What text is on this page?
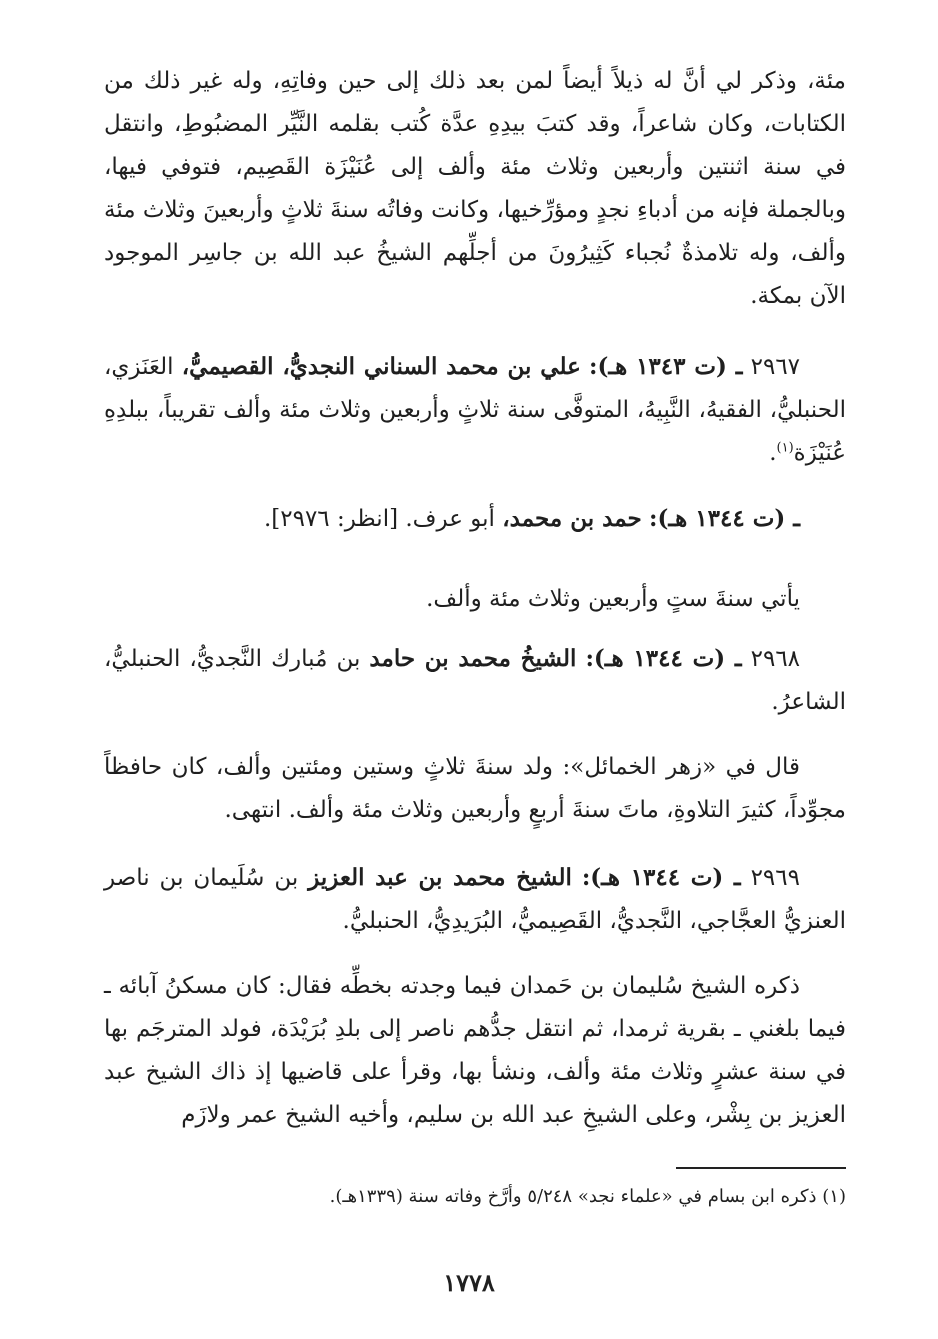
مئة، وذكر لي أنَّ له ذيلاً أيضاً لمن بعد ذلك إلى حين وفاتِهِ، وله غير ذلك من الكتابات، وكان شاعراً، وقد كتبَ بيدِهِ عدَّة كُتب بقلمه النَّيِّر المضبُوطِ، وانتقل في سنة اثنتين وأربعين وثلاث مئة وألف إلى عُنَيْزَة القَصِيم، فتوفي فيها، وبالجملة فإنه من أدباءِ نجدٍ ومؤرِّخيها، وكانت وفاتُه سنةَ ثلاثٍ وأربعينَ وثلاث مئة وألف، وله تلامذةٌ نُجباء كَثِيرُونَ من أجلِّهم الشيخُ عبد الله بن جاسِر الموجود الآن بمكة.

٢٩٦٧ ـ (ت ١٣٤٣ هـ): علي بن محمد السناني النجديُّ، القصيميُّ، العَنَزي، الحنبليُّ، الفقيهُ، النَّبِيهُ، المتوفَّى سنة ثلاثٍ وأربعين وثلاث مئة وألف تقريباً، ببلدِهِ عُنَيْزَة$^{(١)}$.

ـ (ت ١٣٤٤ هـ): حمد بن محمد، أبو عرف. [انظر: ٢٩٧٦].

يأتي سنةَ ستٍ وأربعين وثلاث مئة وألف.

٢٩٦٨ ـ (ت ١٣٤٤ هـ): الشيخُ محمد بن حامد بن مُبارك النَّجديُّ، الحنبليُّ، الشاعرُ.

قال في «زهر الخمائل»: ولد سنةَ ثلاثٍ وستين ومئتين وألف، كان حافظاً مجوِّداً، كثيرَ التلاوةِ، ماتَ سنةَ أربعٍ وأربعين وثلاث مئة وألف. انتهى.

٢٩٦٩ ـ (ت ١٣٤٤ هـ): الشيخ محمد بن عبد العزيز بن سُلَيمان بن ناصر العنزيُّ العجَّاجي، النَّجديُّ، القَصِيميُّ، البُرَيدِيُّ، الحنبليُّ.

ذكره الشيخ سُليمان بن حَمدان فيما وجدته بخطِّه فقال: كان مسكنُ آبائه ـ فيما بلغني ـ بقرية ثرمدا، ثم انتقل جدُّهم ناصر إلى بلدِ بُرَيْدَة، فولد المترجَم بها في سنة عشرٍ وثلاث مئة وألف، ونشأ بها، وقرأ على قاضيها إذ ذاك الشيخ عبد العزيز بن بِشْر، وعلى الشيخِ عبد الله بن سليم، وأخيه الشيخ عمر ولازَم

(١) ذكره ابن بسام في «علماء نجد» ٥/٢٤٨ وأرَّخ وفاته سنة (١٣٣٩هـ).

١٧٧٨
